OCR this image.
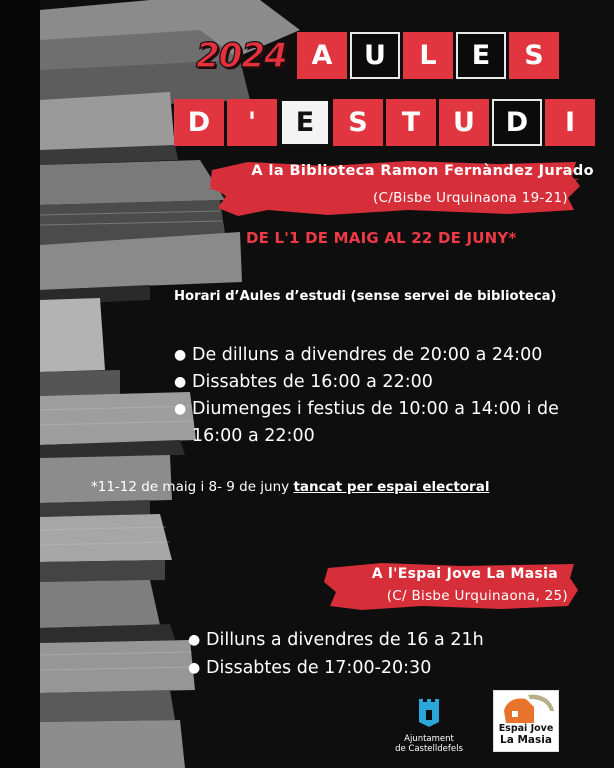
2024 A	U	L	E	S
D	'	E	S	T	U	D	I
A la Biblioteca Ramon Fernàndez Jurado
(C/Bisbe Urquinaona 19-21)
DE L'1 DE MAIG AL 22 DE JUNY*
Horari d’Aules d’estudi (sense servei de biblioteca)
● De dilluns a divendres de 20:00 a 24:00
● Dissabtes de 16:00 a 22:00
● Diumenges i festius de 10:00 a 14:00 i de
16:00 a 22:00
*11-12 de maig i 8- 9 de juny tancat per espai electoral
A l'Espai Jove La Masia
(C/ Bisbe Urquinaona, 25)
● Dilluns a divendres de 16 a 21h
● Dissabtes de 17:00-20:30
Ajuntament
de Castelldefels
Espai Jove
La Masia
